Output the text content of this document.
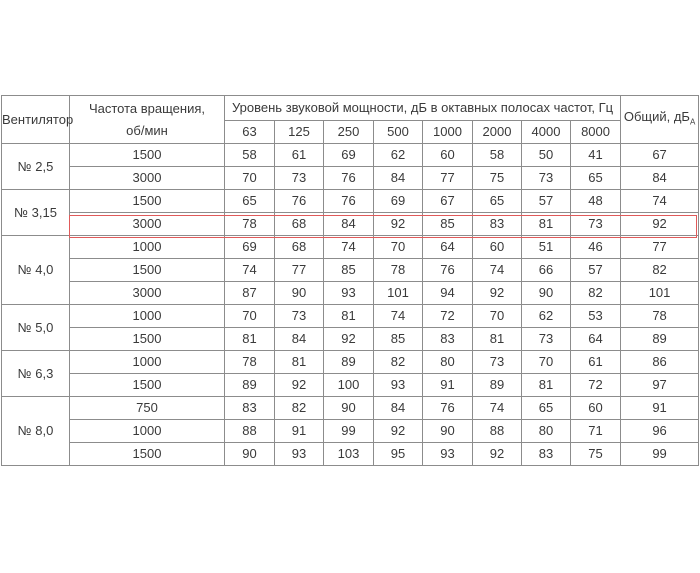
Вентилятор	Частота вращения,
об/мин	Уровень звуковой мощности, дБ в октавных полосах частот, Гц								Общий, $дБ_A$
		63	125	250	500	1000	2000	4000	8000	
№ 2,5	1500	58	61	69	62	60	58	50	41	67
	3000	70	73	76	84	77	75	73	65	84
№ 3,15	1500	65	76	76	69	67	65	57	48	74
	3000	78	68	84	92	85	83	81	73	92
№ 4,0	1000	69	68	74	70	64	60	51	46	77
	1500	74	77	85	78	76	74	66	57	82
	3000	87	90	93	101	94	92	90	82	101
№ 5,0	1000	70	73	81	74	72	70	62	53	78
	1500	81	84	92	85	83	81	73	64	89
№ 6,3	1000	78	81	89	82	80	73	70	61	86
	1500	89	92	100	93	91	89	81	72	97
№ 8,0	750	83	82	90	84	76	74	65	60	91
	1000	88	91	99	92	90	88	80	71	96
	1500	90	93	103	95	93	92	83	75	99
